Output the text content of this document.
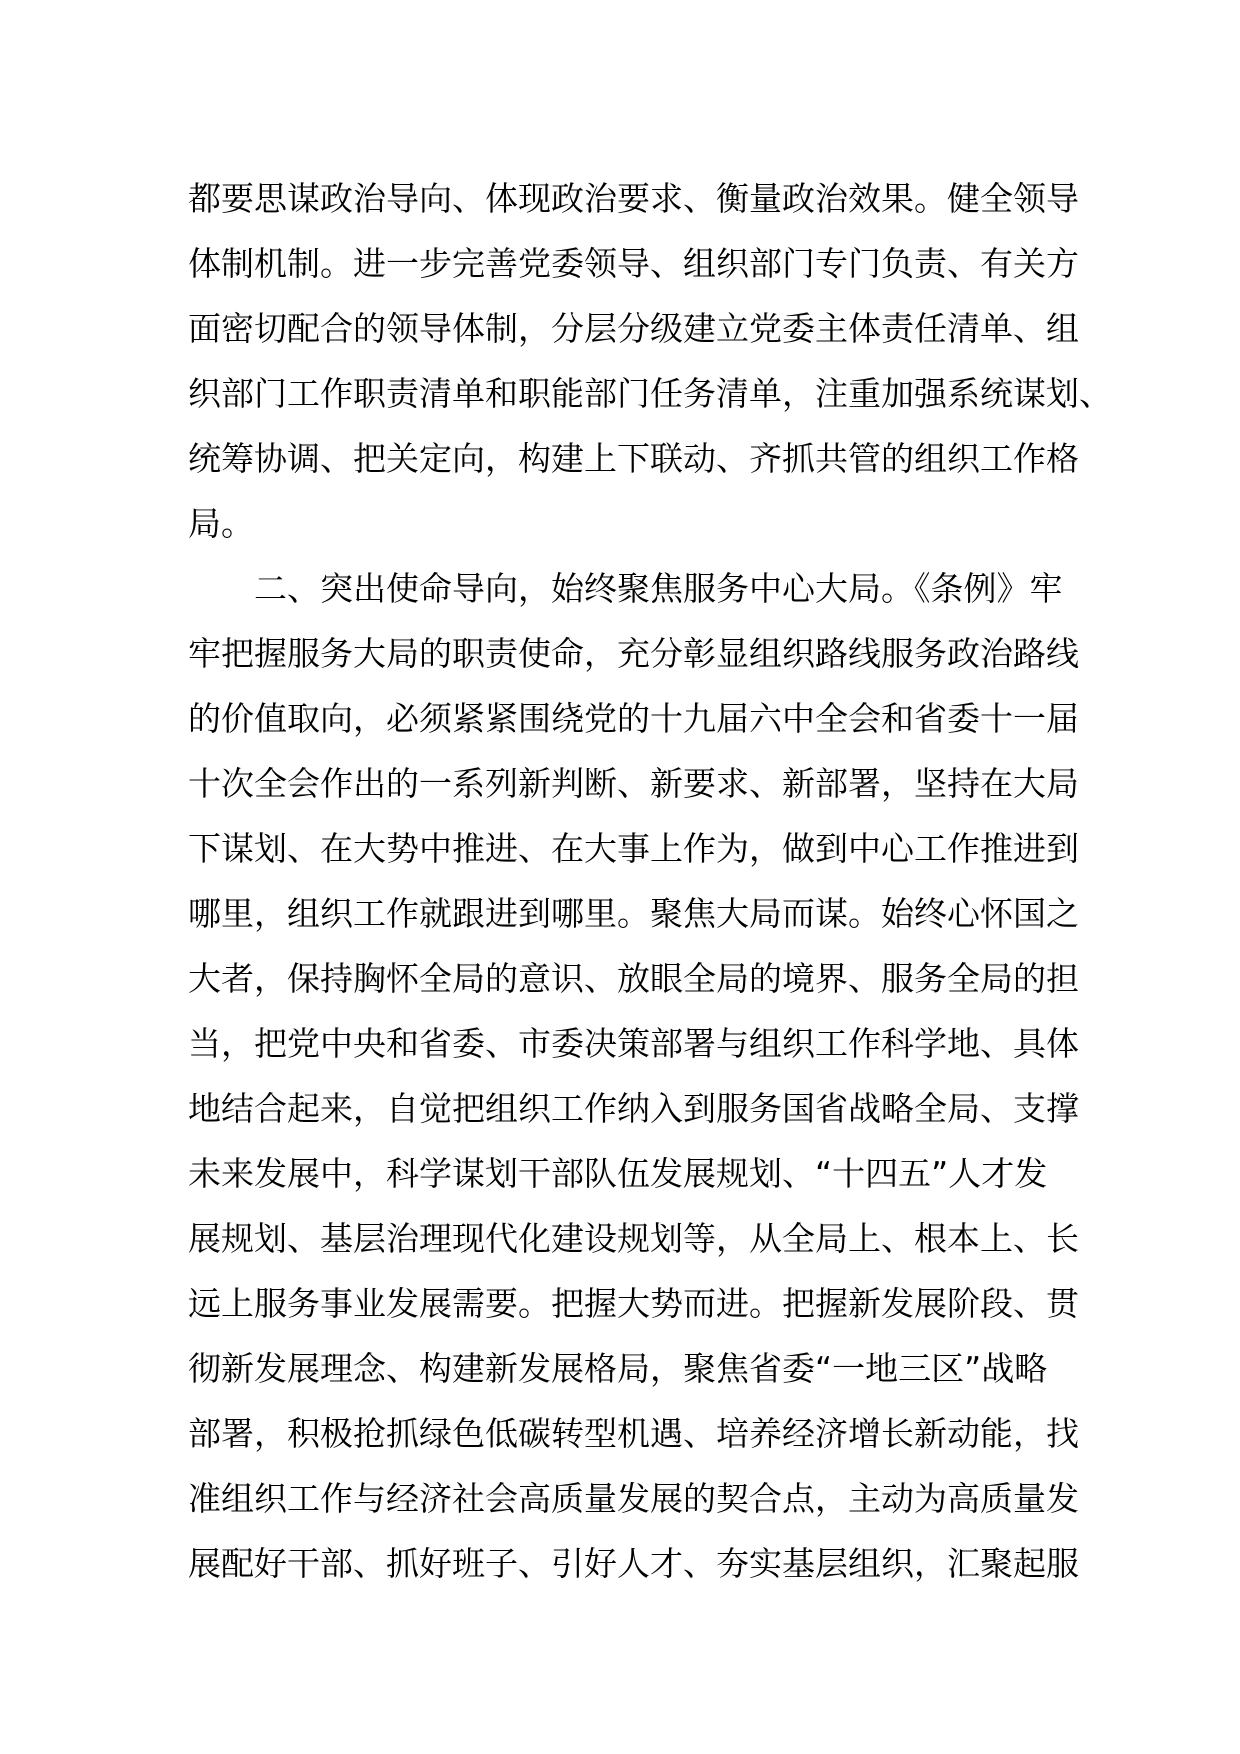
都要思谋政治导向、体现政治要求、衡量政治效果。健全领导
体制机制。进一步完善党委领导、组织部门专门负责、有关方
面密切配合的领导体制，分层分级建立党委主体责任清单、组
织部门工作职责清单和职能部门任务清单，注重加强系统谋划、
统筹协调、把关定向，构建上下联动、齐抓共管的组织工作格
局。
二、突出使命导向，始终聚焦服务中心大局。《条例》牢
牢把握服务大局的职责使命，充分彰显组织路线服务政治路线
的价值取向，必须紧紧围绕党的十九届六中全会和省委十一届
十次全会作出的一系列新判断、新要求、新部署，坚持在大局
下谋划、在大势中推进、在大事上作为，做到中心工作推进到
哪里，组织工作就跟进到哪里。聚焦大局而谋。始终心怀国之
大者，保持胸怀全局的意识、放眼全局的境界、服务全局的担
当，把党中央和省委、市委决策部署与组织工作科学地、具体
地结合起来，自觉把组织工作纳入到服务国省战略全局、支撑
未来发展中，科学谋划干部队伍发展规划、“十四五”人才发
展规划、基层治理现代化建设规划等，从全局上、根本上、长
远上服务事业发展需要。把握大势而进。把握新发展阶段、贯
彻新发展理念、构建新发展格局，聚焦省委“一地三区”战略
部署，积极抢抓绿色低碳转型机遇、培养经济增长新动能，找
准组织工作与经济社会高质量发展的契合点，主动为高质量发
展配好干部、抓好班子、引好人才、夯实基层组织，汇聚起服
